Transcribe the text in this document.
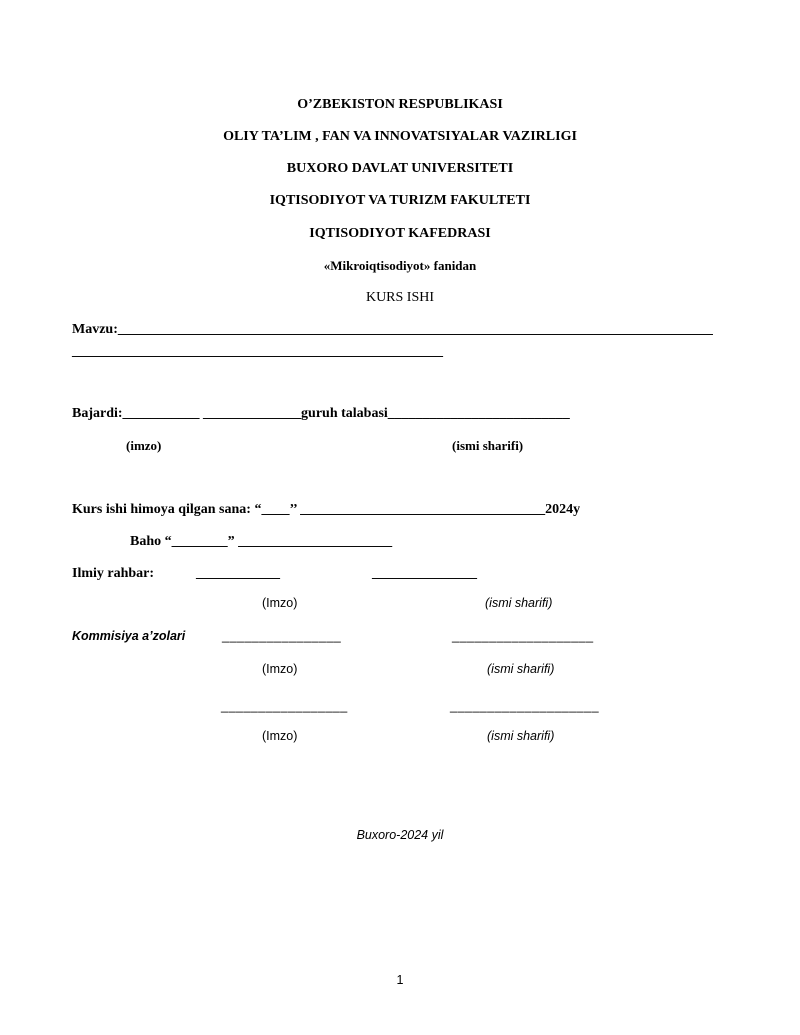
O’ZBEKISTON RESPUBLIKASI

OLIY TA’LIM , FAN VA INNOVATSIYALAR VAZIRLIGI

BUXORO DAVLAT UNIVERSITETI

IQTISODIYOT VA TURIZM FAKULTETI

IQTISODIYOT KAFEDRASI

«Mikroiqtisodiyot» fanidan

KURS ISHI

Mavzu:_____________________________________________________________________________________

_____________________________________________________

Bajardi:___________ ______________guruh talabasi__________________________

(imzo)	(ismi sharifi)

Kurs ishi himoya qilgan sana: “____’’ ___________________________________2024y

Baho “________” ______________________

Ilmiy rahbar:	____________	_______________

(Imzo)	(ismi sharifi)

Kommisiya a’zolari	________________	___________________

(Imzo)	(ismi sharifi)

_________________	____________________

(Imzo)	(ismi sharifi)

Buxoro-2024 yil

1
